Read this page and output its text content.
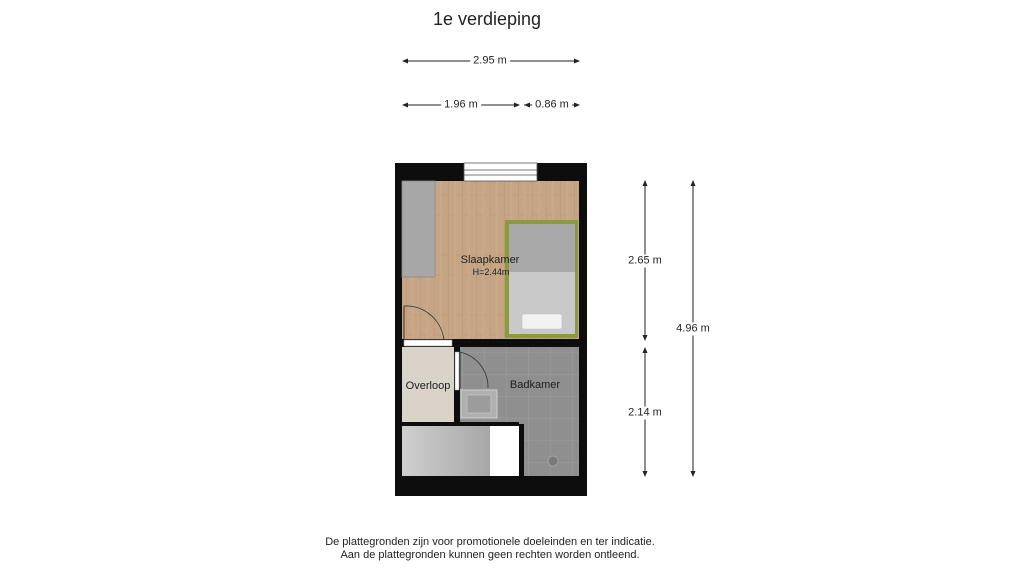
1e verdieping
2.95 m
1.96 m	0.86 m
2.65 m
2.14 m
4.96 m
Slaapkamer
H=2.44m
Overloop	Badkamer
De plattegronden zijn voor promotionele doeleinden en ter indicatie.
Aan de plattegronden kunnen geen rechten worden ontleend.
